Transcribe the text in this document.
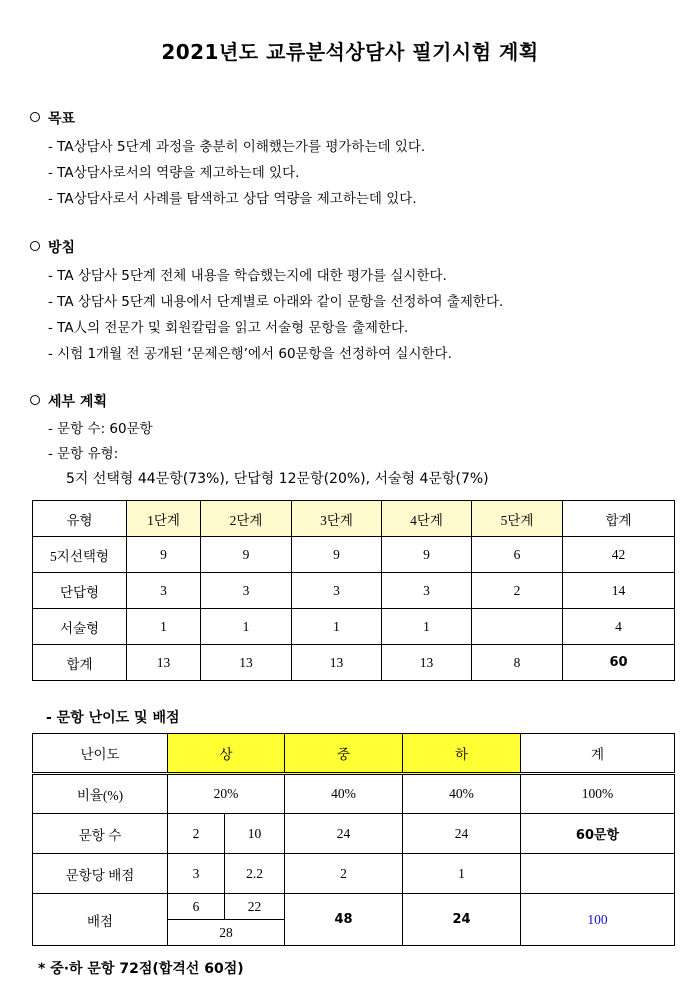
2021년도 교류분석상담사 필기시험 계획
목표
- TA상담사 5단계 과정을 충분히 이해했는가를 평가하는데 있다.
- TA상담사로서의 역량을 제고하는데 있다.
- TA상담사로서 사례를 탐색하고 상담 역량을 제고하는데 있다.
방침
- TA 상담사 5단계 전체 내용을 학습했는지에 대한 평가를 실시한다.
- TA 상담사 5단계 내용에서 단계별로 아래와 같이 문항을 선정하여 출제한다.
- TA人의 전문가 및 회원칼럼을 읽고 서술형 문항을 출제한다.
- 시험 1개월 전 공개된 ‘문제은행’에서 60문항을 선정하여 실시한다.
세부 계획
- 문항 수: 60문항
- 문항 유형:
5지 선택형 44문항(73%), 단답형 12문항(20%), 서술형 4문항(7%)
유형	1단계	2단계	3단계	4단계	5단계	합계
5지선택형	9	9	9	9	6	42
단답형	3	3	3	3	2	14
서술형	1	1	1	1		4
합계	13	13	13	13	8	60
- 문항 난이도 및 배점
난이도	상		중	하	계
비율(%)	20%		40%	40%	100%
문항 수	2	10	24	24	60문항
문항당 배점	3	2.2	2	1	
배점	6	22	48	24	100
	28				
* 중·하 문항 72점(합격선 60점)
